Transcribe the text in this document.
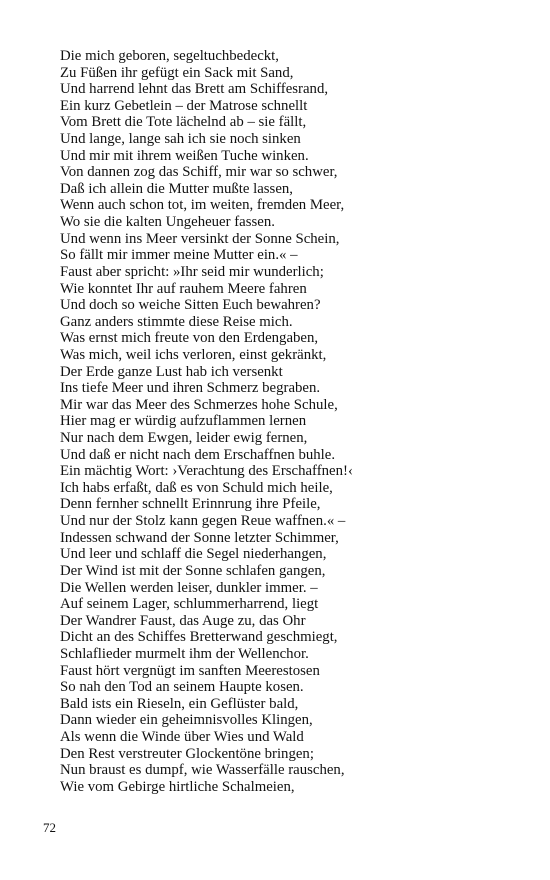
Die mich geboren, segeltuchbedeckt,
Zu Füßen ihr gefügt ein Sack mit Sand,
Und harrend lehnt das Brett am Schiffesrand,
Ein kurz Gebetlein – der Matrose schnellt
Vom Brett die Tote lächelnd ab – sie fällt,
Und lange, lange sah ich sie noch sinken
Und mir mit ihrem weißen Tuche winken.
Von dannen zog das Schiff, mir war so schwer,
Daß ich allein die Mutter mußte lassen,
Wenn auch schon tot, im weiten, fremden Meer,
Wo sie die kalten Ungeheuer fassen.
Und wenn ins Meer versinkt der Sonne Schein,
So fällt mir immer meine Mutter ein.« –
Faust aber spricht: »Ihr seid mir wunderlich;
Wie konntet Ihr auf rauhem Meere fahren
Und doch so weiche Sitten Euch bewahren?
Ganz anders stimmte diese Reise mich.
Was ernst mich freute von den Erdengaben,
Was mich, weil ichs verloren, einst gekränkt,
Der Erde ganze Lust hab ich versenkt
Ins tiefe Meer und ihren Schmerz begraben.
Mir war das Meer des Schmerzes hohe Schule,
Hier mag er würdig aufzuflammen lernen
Nur nach dem Ewgen, leider ewig fernen,
Und daß er nicht nach dem Erschaffnen buhle.
Ein mächtig Wort: ›Verachtung des Erschaffnen!‹
Ich habs erfaßt, daß es von Schuld mich heile,
Denn fernher schnellt Erinnrung ihre Pfeile,
Und nur der Stolz kann gegen Reue waffnen.« –
Indessen schwand der Sonne letzter Schimmer,
Und leer und schlaff die Segel niederhangen,
Der Wind ist mit der Sonne schlafen gangen,
Die Wellen werden leiser, dunkler immer. –
Auf seinem Lager, schlummerharrend, liegt
Der Wandrer Faust, das Auge zu, das Ohr
Dicht an des Schiffes Bretterwand geschmiegt,
Schlaflieder murmelt ihm der Wellenchor.
Faust hört vergnügt im sanften Meerestosen
So nah den Tod an seinem Haupte kosen.
Bald ists ein Rieseln, ein Geflüster bald,
Dann wieder ein geheimnisvolles Klingen,
Als wenn die Winde über Wies und Wald
Den Rest verstreuter Glockentöne bringen;
Nun braust es dumpf, wie Wasserfälle rauschen,
Wie vom Gebirge hirtliche Schalmeien,
72
